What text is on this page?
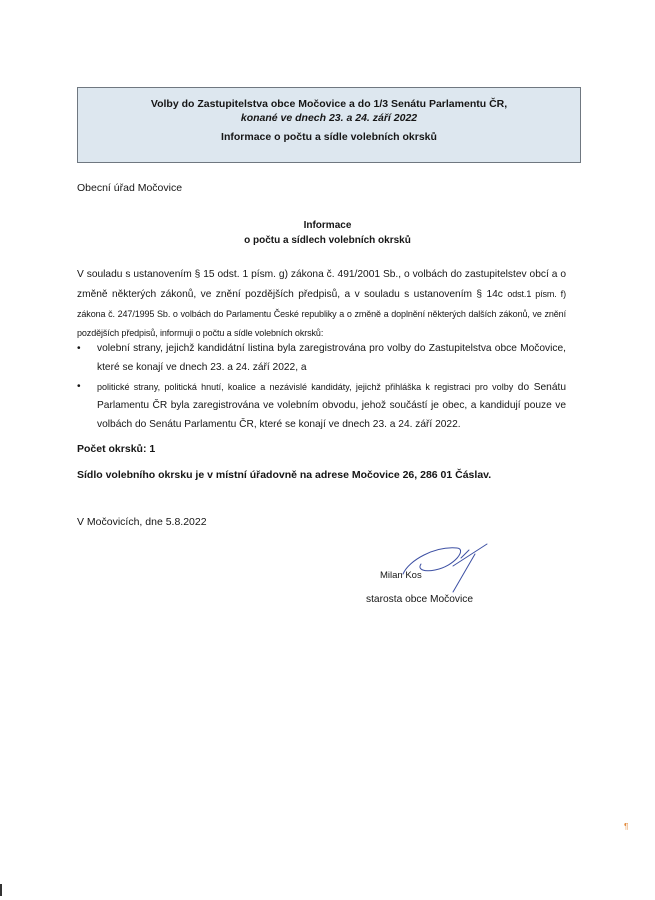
Volby do Zastupitelstva obce Močovice a do 1/3 Senátu Parlamentu ČR,
konané ve dnech 23. a 24. září 2022
Informace o počtu a sídle volebních okrsků
Obecní úřad Močovice
Informace
o počtu a sídlech volebních okrsků
V souladu s ustanovením § 15 odst. 1 písm. g) zákona č. 491/2001 Sb., o volbách do zastupitelstev obcí a o změně některých zákonů, ve znění pozdějších předpisů, a v souladu s ustanovením § 14c odst.1 písm. f) zákona č. 247/1995 Sb. o volbách do Parlamentu České republiky a o změně a doplnění některých dalších zákonů, ve znění pozdějších předpisů, informuji o počtu a sídle volebních okrsků:
• volební strany, jejichž kandidátní listina byla zaregistrována pro volby do Zastupitelstva obce Močovice, které se konají ve dnech 23. a 24. září 2022, a
• politické strany, politická hnutí, koalice a nezávislé kandidáty, jejichž přihláška k registraci pro volby do Senátu Parlamentu ČR byla zaregistrována ve volebním obvodu, jehož součástí je obec, a kandidují pouze ve volbách do Senátu Parlamentu ČR, které se konají ve dnech 23. a 24. září 2022.
Počet okrsků: 1
Sídlo volebního okrsku je v místní úřadovně na adrese Močovice 26, 286 01 Čáslav.
V Močovicích, dne 5.8.2022
Milan Kos
starosta obce Močovice
¶
